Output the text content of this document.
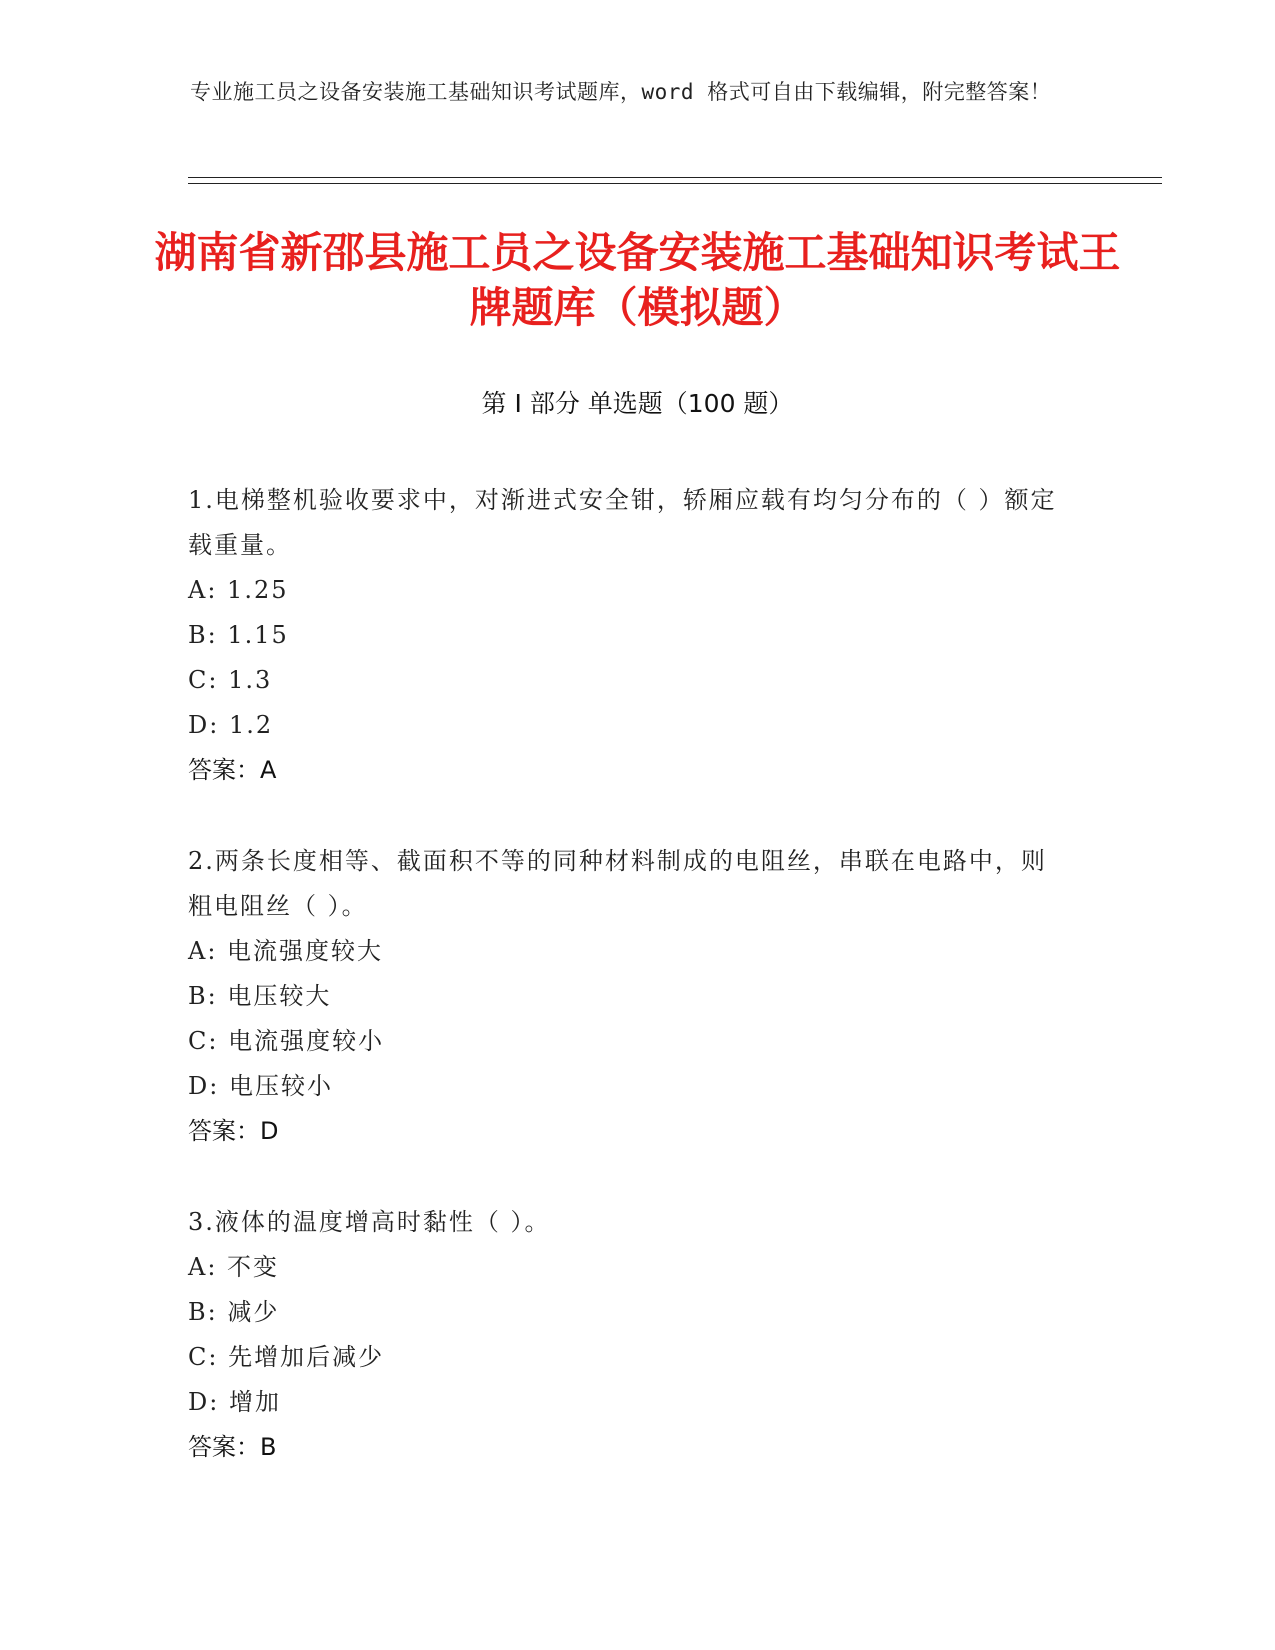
专业施工员之设备安装施工基础知识考试题库，word 格式可自由下载编辑，附完整答案！
湖南省新邵县施工员之设备安装施工基础知识考试王牌题库（模拟题）
第 I 部分 单选题（100 题）
1.电梯整机验收要求中，对渐进式安全钳，轿厢应载有均匀分布的（ ）额定载重量。
A: 1.25
B: 1.15
C: 1.3
D: 1.2
答案：A
2.两条长度相等、截面积不等的同种材料制成的电阻丝，串联在电路中，则粗电阻丝（ ）。
A: 电流强度较大
B: 电压较大
C: 电流强度较小
D: 电压较小
答案：D
3.液体的温度增高时黏性（ ）。
A: 不变
B: 减少
C: 先增加后减少
D: 增加
答案：B
